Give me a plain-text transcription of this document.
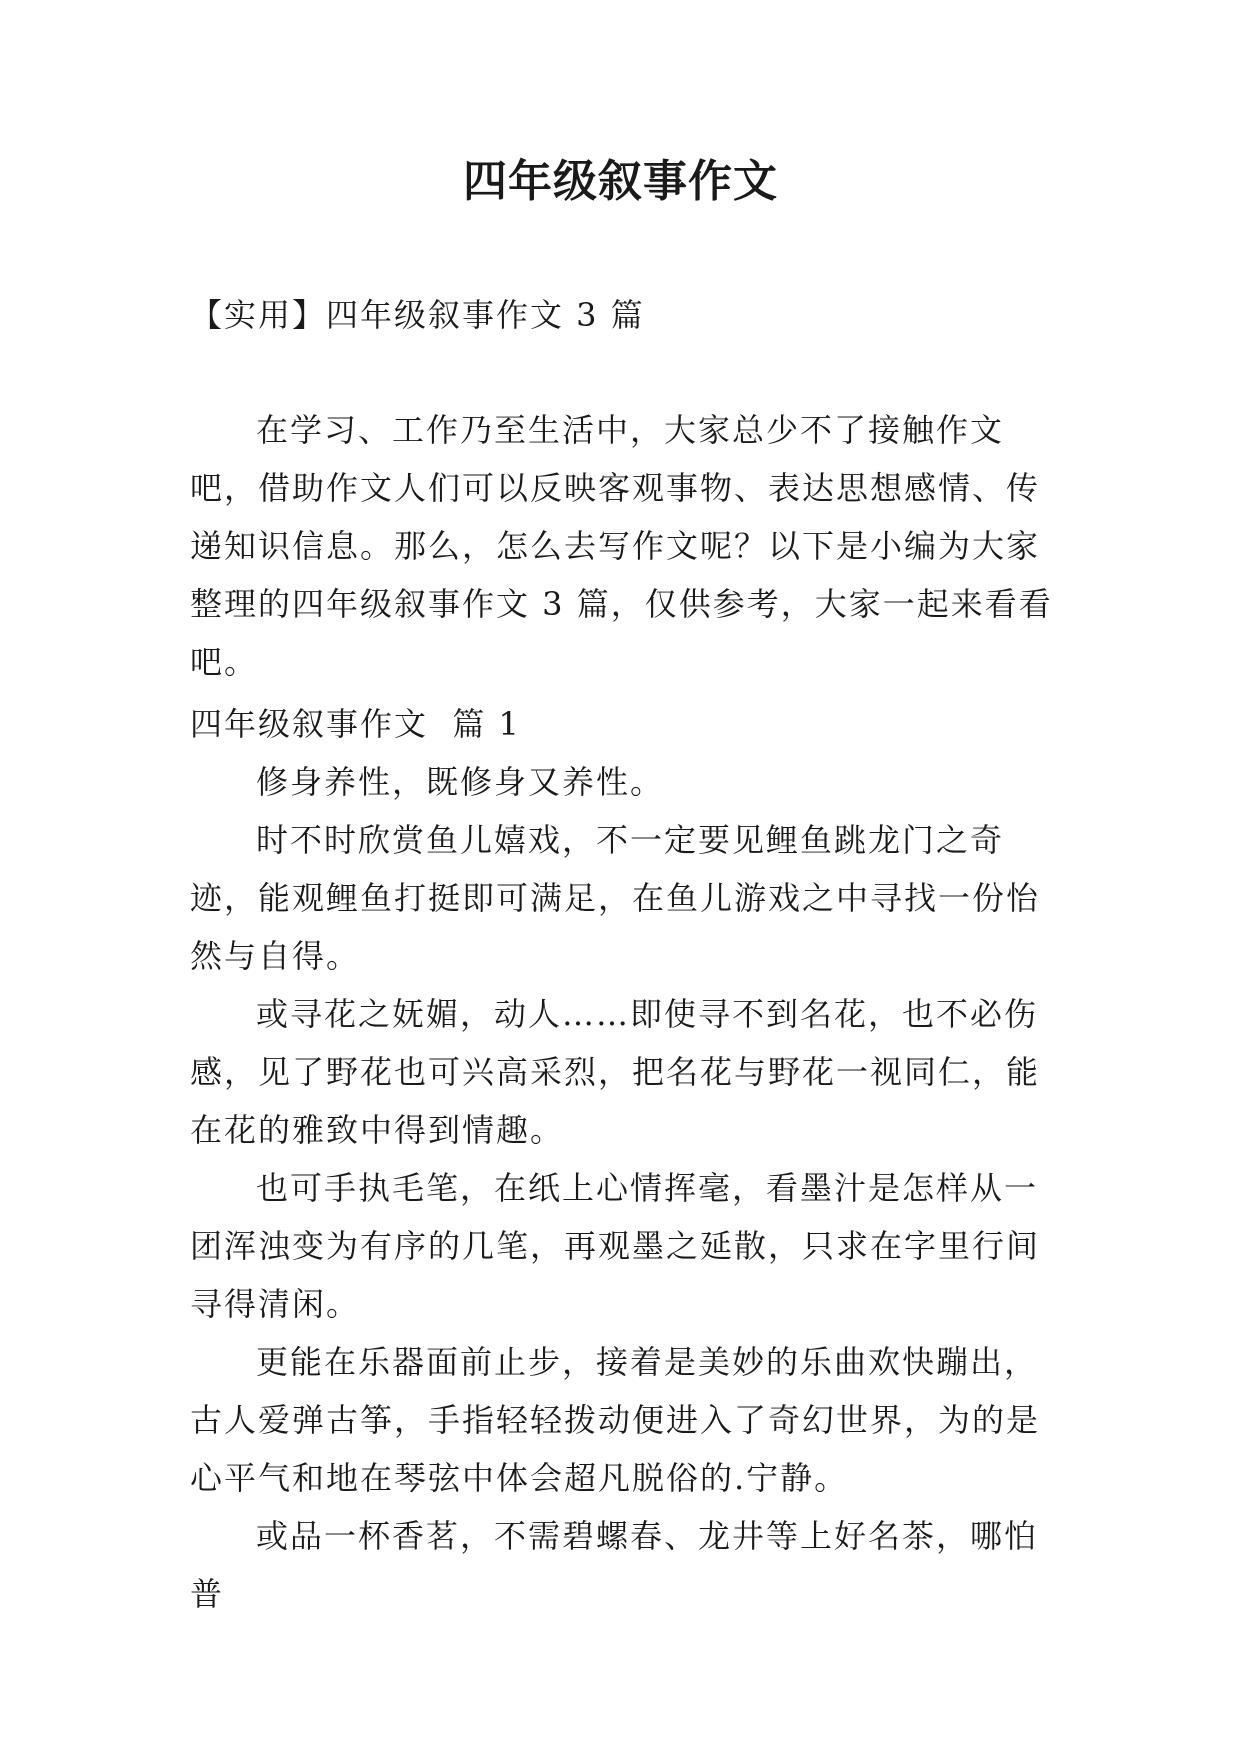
四年级叙事作文
【实用】四年级叙事作文 3 篇

在学习、工作乃至生活中，大家总少不了接触作文吧，借助作文人们可以反映客观事物、表达思想感情、传递知识信息。那么，怎么去写作文呢？以下是小编为大家整理的四年级叙事作文 3 篇，仅供参考，大家一起来看看吧。

四年级叙事作文  篇 1

修身养性，既修身又养性。

时不时欣赏鱼儿嬉戏，不一定要见鲤鱼跳龙门之奇迹，能观鲤鱼打挺即可满足，在鱼儿游戏之中寻找一份怡然与自得。

或寻花之妩媚，动人……即使寻不到名花，也不必伤感，见了野花也可兴高采烈，把名花与野花一视同仁，能在花的雅致中得到情趣。

也可手执毛笔，在纸上心情挥毫，看墨汁是怎样从一团浑浊变为有序的几笔，再观墨之延散，只求在字里行间寻得清闲。

更能在乐器面前止步，接着是美妙的乐曲欢快蹦出，古人爱弹古筝，手指轻轻拨动便进入了奇幻世界，为的是心平气和地在琴弦中体会超凡脱俗的.宁静。

或品一杯香茗，不需碧螺春、龙井等上好名茶，哪怕普
